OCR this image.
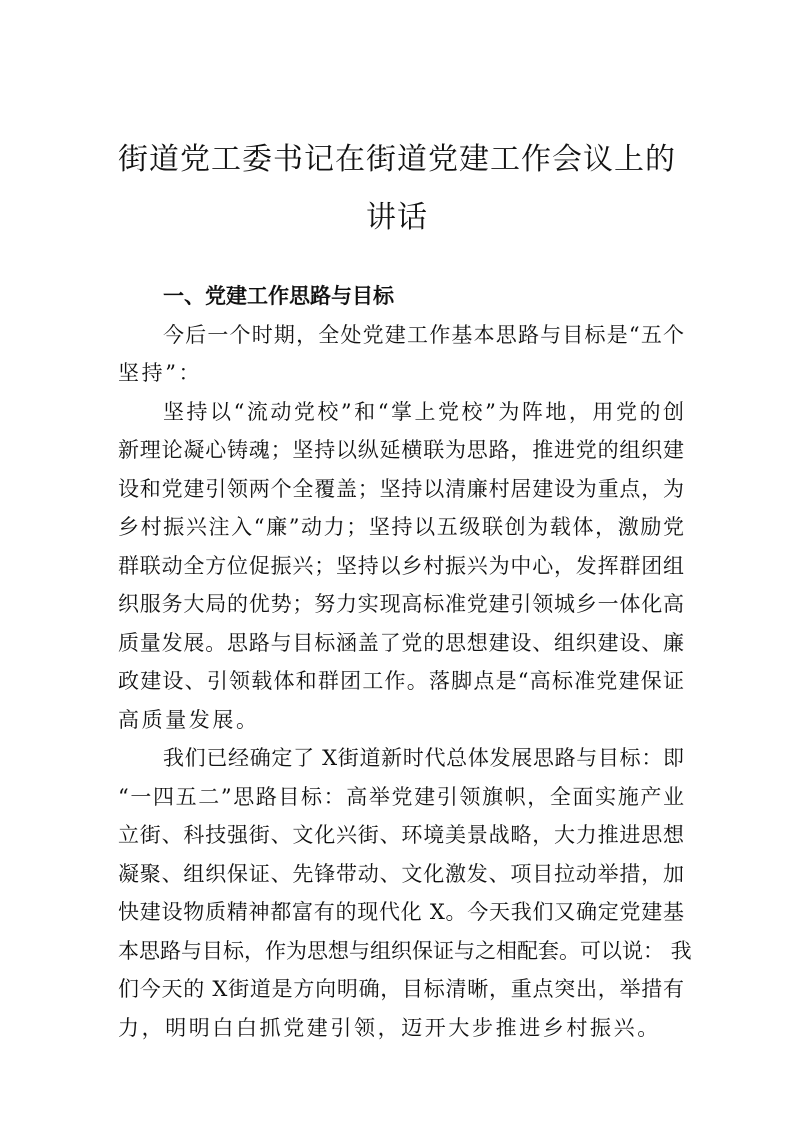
街道党工委书记在街道党建工作会议上的
讲话
一、党建工作思路与目标
今后一个时期，全处党建工作基本思路与目标是“五个
坚持”：
坚持以“流动党校”和“掌上党校”为阵地，用党的创
新理论凝心铸魂；坚持以纵延横联为思路，推进党的组织建
设和党建引领两个全覆盖；坚持以清廉村居建设为重点，为
乡村振兴注入“廉”动力；坚持以五级联创为载体，激励党
群联动全方位促振兴；坚持以乡村振兴为中心，发挥群团组
织服务大局的优势；努力实现高标准党建引领城乡一体化高
质量发展。思路与目标涵盖了党的思想建设、组织建设、廉
政建设、引领载体和群团工作。落脚点是“高标准党建保证
高质量发展。
我们已经确定了 X街道新时代总体发展思路与目标：即
“一四五二”思路目标：高举党建引领旗帜，全面实施产业
立街、科技强街、文化兴街、环境美景战略，大力推进思想
凝聚、组织保证、先锋带动、文化激发、项目拉动举措，加
快建设物质精神都富有的现代化 X。今天我们又确定党建基
本思路与目标，作为思想与组织保证与之相配套。可以说： 我
们今天的 X街道是方向明确，目标清晰，重点突出，举措有
力，明明白白抓党建引领，迈开大步推进乡村振兴。
